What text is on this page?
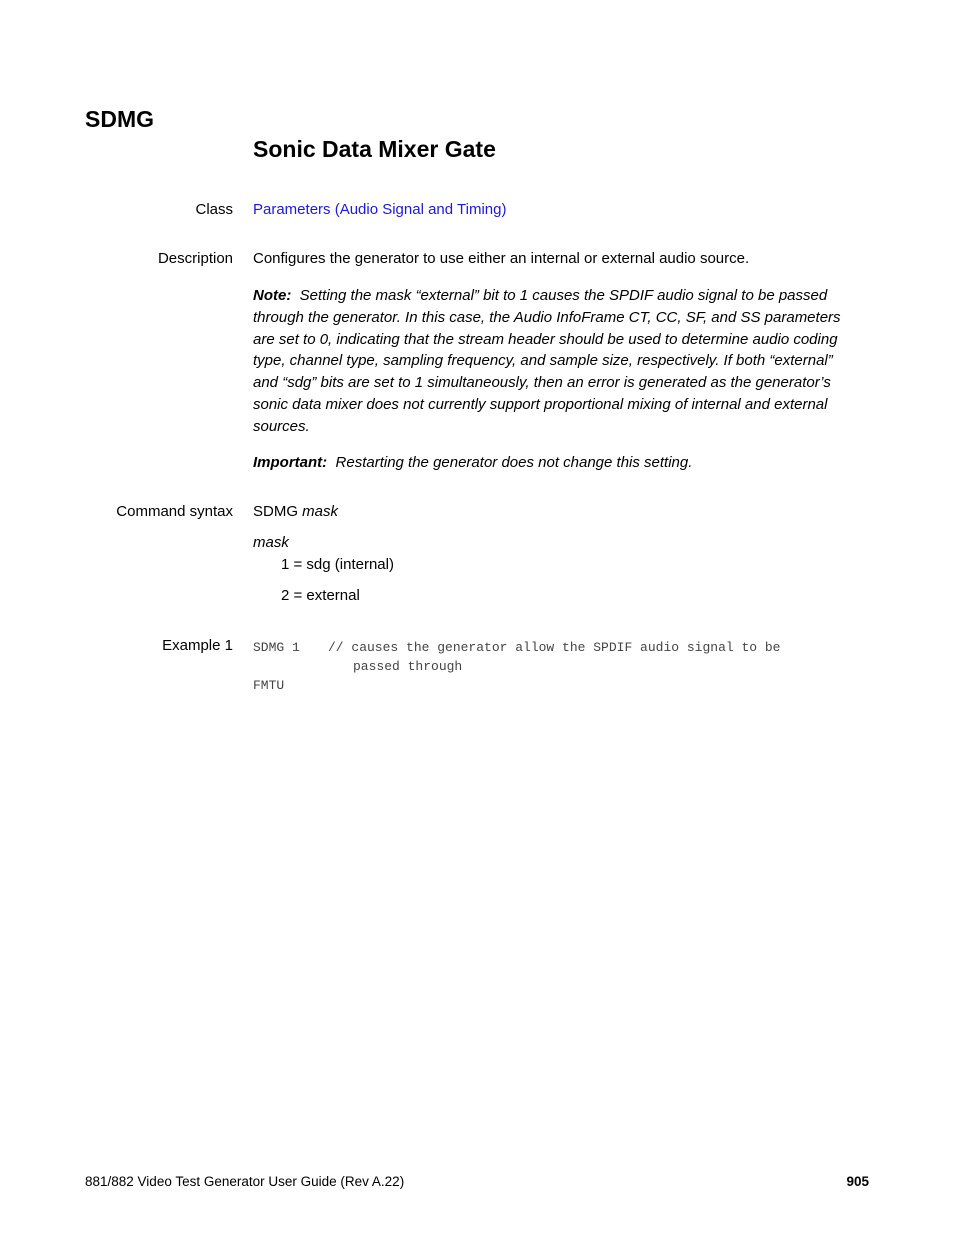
SDMG
Sonic Data Mixer Gate
Class Parameters (Audio Signal and Timing)
Description Configures the generator to use either an internal or external audio source.
Note: Setting the mask “external” bit to 1 causes the SPDIF audio signal to be passed
through the generator. In this case, the Audio InfoFrame CT, CC, SF, and SS parameters
are set to 0, indicating that the stream header should be used to determine audio coding
type, channel type, sampling frequency, and sample size, respectively. If both “external”
and “sdg” bits are set to 1 simultaneously, then an error is generated as the generator’s
sonic data mixer does not currently support proportional mixing of internal and external
sources.
Important: Restarting the generator does not change this setting.
Command syntax SDMG mask
mask
1 = sdg (internal)
2 = external
Example 1 SDMG 1 // causes the generator allow the SPDIF audio signal to be
passed through
FMTU
881/882 Video Test Generator User Guide (Rev A.22)	905
